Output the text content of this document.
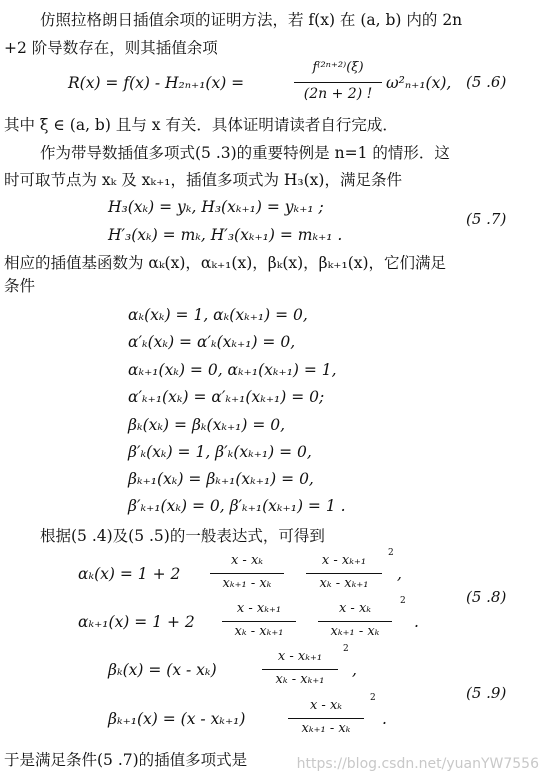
仿照拉格朗日插值余项的证明方法，若 f(x) 在 (a, b) 内的 2n
+2 阶导数存在，则其插值余项
R(x) = f(x) - H₂ₙ₊₁(x) =
f⁽²ⁿ⁺²⁾(ξ)
(2n + 2) !
ω²ₙ₊₁(x), (5 .6)
其中 ξ ∈ (a, b) 且与 x 有关．具体证明请读者自行完成．
作为带导数插值多项式(5 .3)的重要特例是 n=1 的情形．这
时可取节点为 xₖ 及 xₖ₊₁，插值多项式为 H₃(x)，满足条件
H₃(xₖ) = yₖ, H₃(xₖ₊₁) = yₖ₊₁ ;
H′₃(xₖ) = mₖ, H′₃(xₖ₊₁) = mₖ₊₁ .
(5 .7)
相应的插值基函数为 αₖ(x)，αₖ₊₁(x)，βₖ(x)，βₖ₊₁(x)，它们满足
条件
αₖ(xₖ) = 1, αₖ(xₖ₊₁) = 0,
α′ₖ(xₖ) = α′ₖ(xₖ₊₁) = 0,
αₖ₊₁(xₖ) = 0, αₖ₊₁(xₖ₊₁) = 1,
α′ₖ₊₁(xₖ) = α′ₖ₊₁(xₖ₊₁) = 0;
βₖ(xₖ) = βₖ(xₖ₊₁) = 0,
β′ₖ(xₖ) = 1, β′ₖ(xₖ₊₁) = 0,
βₖ₊₁(xₖ) = βₖ₊₁(xₖ₊₁) = 0,
β′ₖ₊₁(xₖ) = 0, β′ₖ₊₁(xₖ₊₁) = 1 .
根据(5 .4)及(5 .5)的一般表达式，可得到
αₖ(x) = 1 + 2
x - xₖ
xₖ₊₁ - xₖ
x - xₖ₊₁
xₖ - xₖ₊₁
2
,
αₖ₊₁(x) = 1 + 2
x - xₖ₊₁
xₖ - xₖ₊₁
x - xₖ
xₖ₊₁ - xₖ
2
.
(5 .8)
βₖ(x) = (x - xₖ)
x - xₖ₊₁
xₖ - xₖ₊₁
2
,
βₖ₊₁(x) = (x - xₖ₊₁)
x - xₖ
xₖ₊₁ - xₖ
2
.
(5 .9)
于是满足条件(5 .7)的插值多项式是	https://blog.csdn.net/yuanYW7556
